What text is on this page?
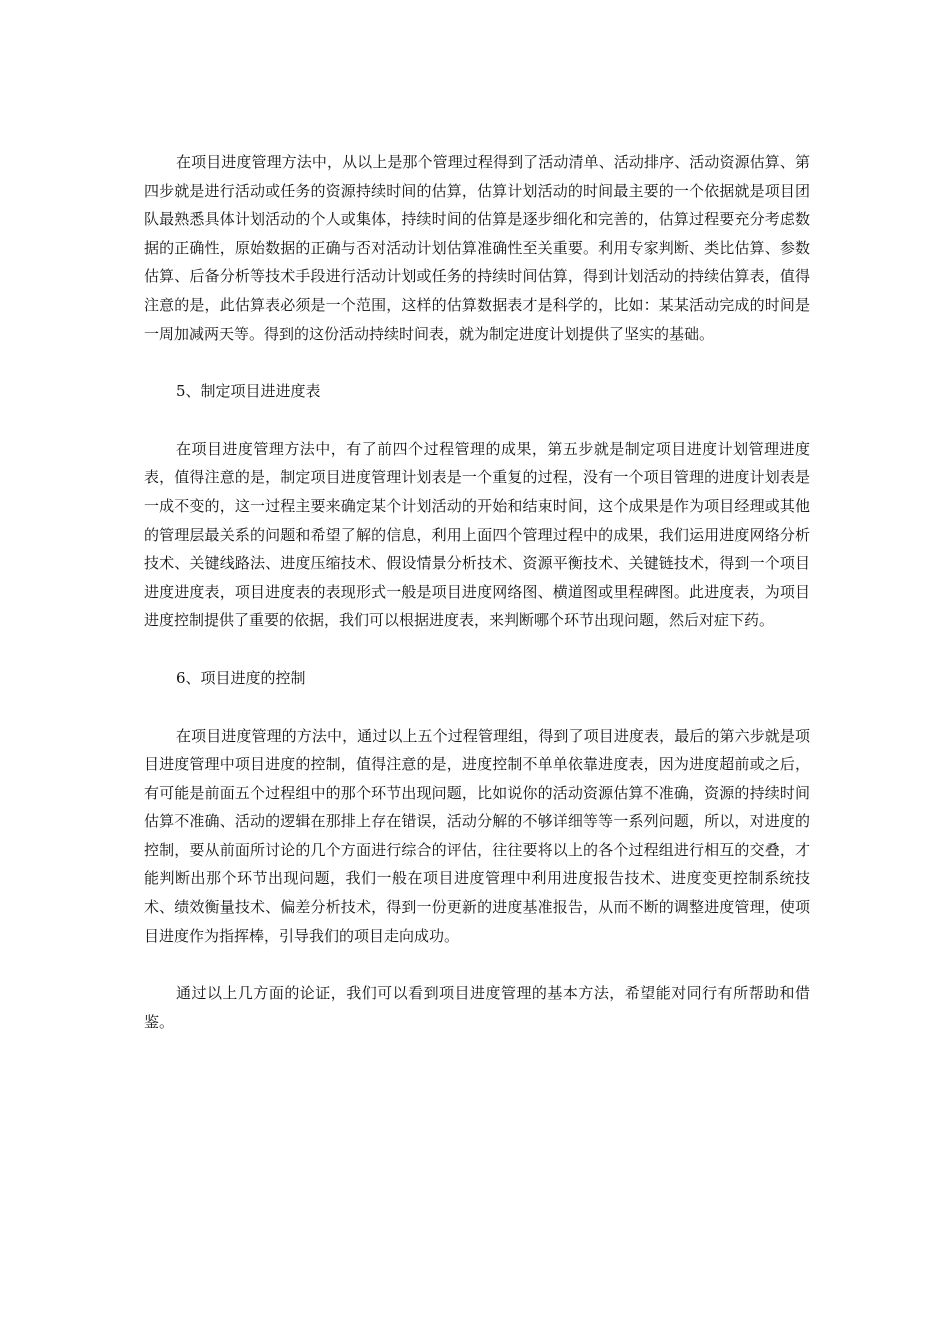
在项目进度管理方法中，从以上是那个管理过程得到了活动清单、活动排序、活动资源估算、第四步就是进行活动或任务的资源持续时间的估算，估算计划活动的时间最主要的一个依据就是项目团队最熟悉具体计划活动的个人或集体，持续时间的估算是逐步细化和完善的，估算过程要充分考虑数据的正确性，原始数据的正确与否对活动计划估算准确性至关重要。利用专家判断、类比估算、参数估算、后备分析等技术手段进行活动计划或任务的持续时间估算，得到计划活动的持续估算表，值得注意的是，此估算表必须是一个范围，这样的估算数据表才是科学的，比如：某某活动完成的时间是一周加减两天等。得到的这份活动持续时间表，就为制定进度计划提供了坚实的基础。

5、制定项目进进度表

在项目进度管理方法中，有了前四个过程管理的成果，第五步就是制定项目进度计划管理进度表，值得注意的是，制定项目进度管理计划表是一个重复的过程，没有一个项目管理的进度计划表是一成不变的，这一过程主要来确定某个计划活动的开始和结束时间，这个成果是作为项目经理或其他的管理层最关系的问题和希望了解的信息，利用上面四个管理过程中的成果，我们运用进度网络分析技术、关键线路法、进度压缩技术、假设情景分析技术、资源平衡技术、关键链技术，得到一个项目进度进度表，项目进度表的表现形式一般是项目进度网络图、横道图或里程碑图。此进度表，为项目进度控制提供了重要的依据，我们可以根据进度表，来判断哪个环节出现问题，然后对症下药。

6、项目进度的控制

在项目进度管理的方法中，通过以上五个过程管理组，得到了项目进度表，最后的第六步就是项目进度管理中项目进度的控制，值得注意的是，进度控制不单单依靠进度表，因为进度超前或之后，有可能是前面五个过程组中的那个环节出现问题，比如说你的活动资源估算不准确，资源的持续时间估算不准确、活动的逻辑在那排上存在错误，活动分解的不够详细等等一系列问题，所以，对进度的控制，要从前面所讨论的几个方面进行综合的评估，往往要将以上的各个过程组进行相互的交叠，才能判断出那个环节出现问题，我们一般在项目进度管理中利用进度报告技术、进度变更控制系统技术、绩效衡量技术、偏差分析技术，得到一份更新的进度基准报告，从而不断的调整进度管理，使项目进度作为指挥棒，引导我们的项目走向成功。

通过以上几方面的论证，我们可以看到项目进度管理的基本方法，希望能对同行有所帮助和借鉴。
